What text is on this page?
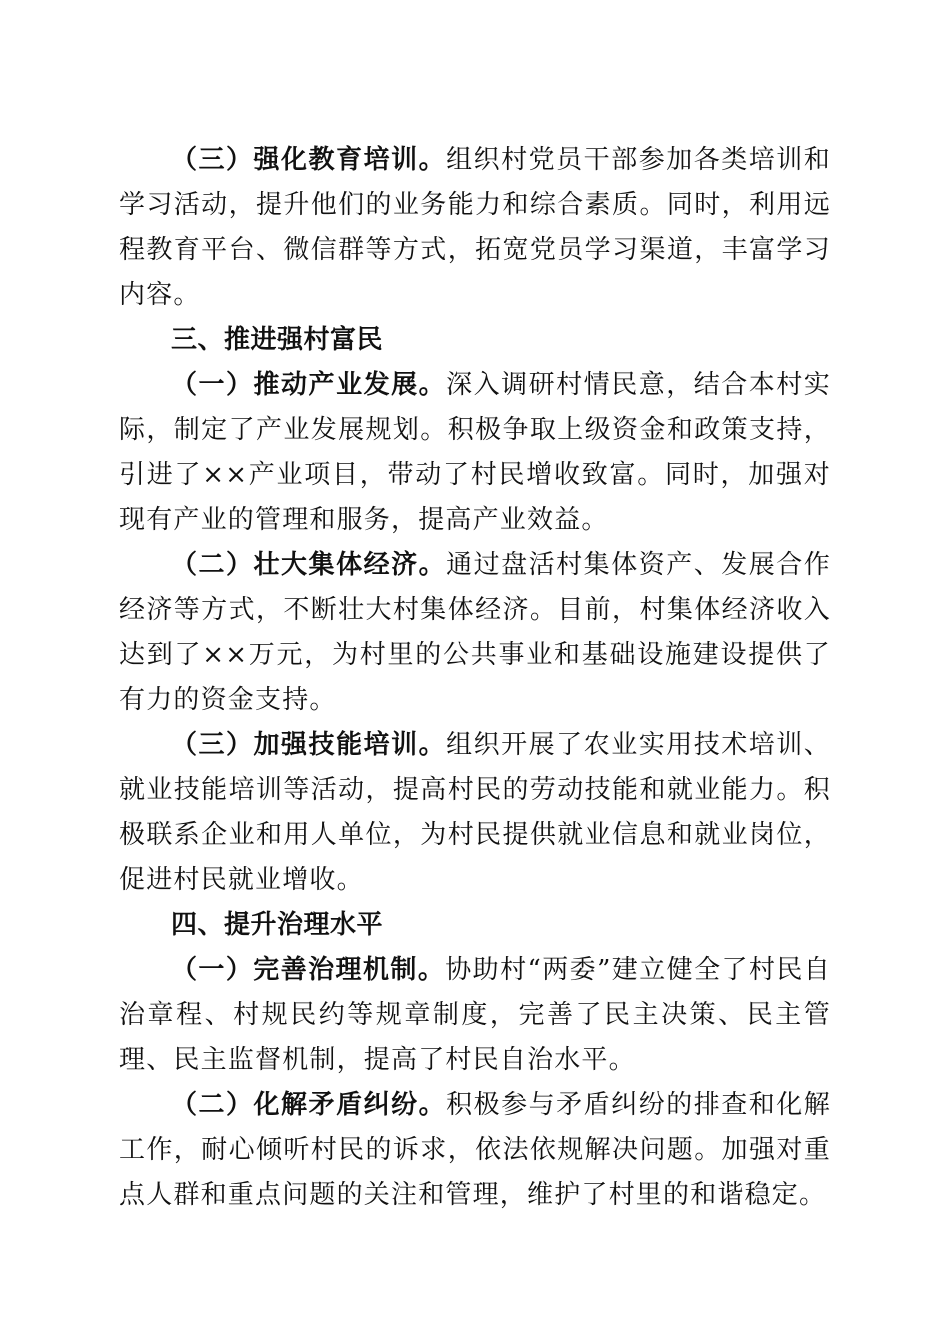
（三）强化教育培训。组织村党员干部参加各类培训和学习活动，提升他们的业务能力和综合素质。同时，利用远程教育平台、微信群等方式，拓宽党员学习渠道，丰富学习内容。

三、推进强村富民

（一）推动产业发展。深入调研村情民意，结合本村实际，制定了产业发展规划。积极争取上级资金和政策支持，引进了××产业项目，带动了村民增收致富。同时，加强对现有产业的管理和服务，提高产业效益。

（二）壮大集体经济。通过盘活村集体资产、发展合作经济等方式，不断壮大村集体经济。目前，村集体经济收入达到了××万元，为村里的公共事业和基础设施建设提供了有力的资金支持。

（三）加强技能培训。组织开展了农业实用技术培训、就业技能培训等活动，提高村民的劳动技能和就业能力。积极联系企业和用人单位，为村民提供就业信息和就业岗位，促进村民就业增收。

四、提升治理水平

（一）完善治理机制。协助村“两委”建立健全了村民自治章程、村规民约等规章制度，完善了民主决策、民主管理、民主监督机制，提高了村民自治水平。

（二）化解矛盾纠纷。积极参与矛盾纠纷的排查和化解工作，耐心倾听村民的诉求，依法依规解决问题。加强对重点人群和重点问题的关注和管理，维护了村里的和谐稳定。
